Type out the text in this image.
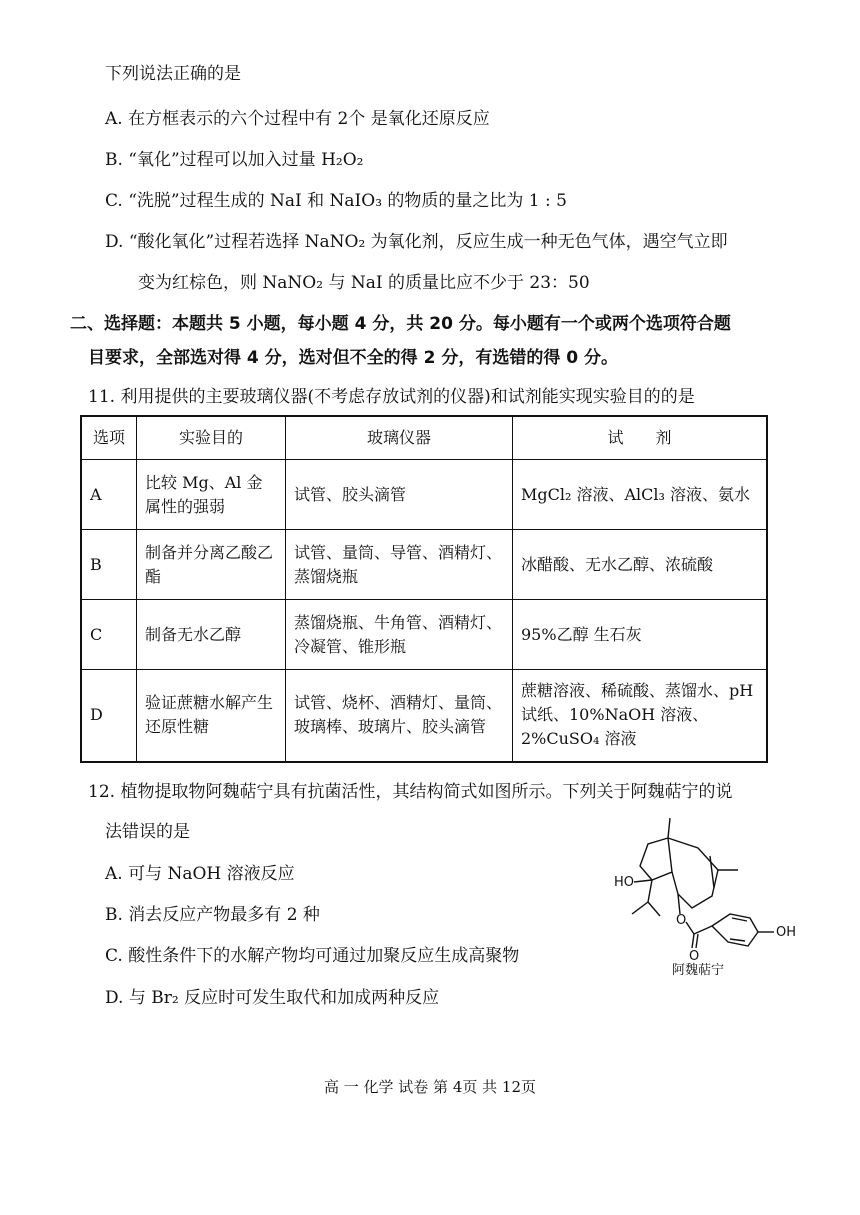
下列说法正确的是
A. 在方框表示的六个过程中有 2个 是氧化还原反应
B. “氧化”过程可以加入过量 H₂O₂
C. “洗脱”过程生成的 NaI 和 NaIO₃ 的物质的量之比为 1 : 5
D. “酸化氧化”过程若选择 NaNO₂ 为氧化剂，反应生成一种无色气体，遇空气立即
变为红棕色，则 NaNO₂ 与 NaI 的质量比应不少于 23：50
二、选择题：本题共 5 小题，每小题 4 分，共 20 分。每小题有一个或两个选项符合题
目要求，全部选对得 4 分，选对但不全的得 2 分，有选错的得 0 分。
11. 利用提供的主要玻璃仪器(不考虑存放试剂的仪器)和试剂能实现实验目的的是
选项	实验目的	玻璃仪器	试　　剂
A	比较 Mg、Al 金属性的强弱	试管、胶头滴管	MgCl₂ 溶液、AlCl₃ 溶液、氨水
B	制备并分离乙酸乙酯	试管、量筒、导管、酒精灯、蒸馏烧瓶	冰醋酸、无水乙醇、浓硫酸
C	制备无水乙醇	蒸馏烧瓶、牛角管、酒精灯、冷凝管、锥形瓶	95%乙醇 生石灰
D	验证蔗糖水解产生还原性糖	试管、烧杯、酒精灯、量筒、玻璃棒、玻璃片、胶头滴管	蔗糖溶液、稀硫酸、蒸馏水、pH 试纸、10%NaOH 溶液、2%CuSO₄ 溶液
12. 植物提取物阿魏萜宁具有抗菌活性，其结构简式如图所示。下列关于阿魏萜宁的说
法错误的是
A. 可与 NaOH 溶液反应
B. 消去反应产物最多有 2 种
C. 酸性条件下的水解产物均可通过加聚反应生成高聚物
D. 与 Br₂ 反应时可发生取代和加成两种反应
HO
O
O
OH
阿魏萜宁
高 一 化学 试卷 第 4页 共 12页
